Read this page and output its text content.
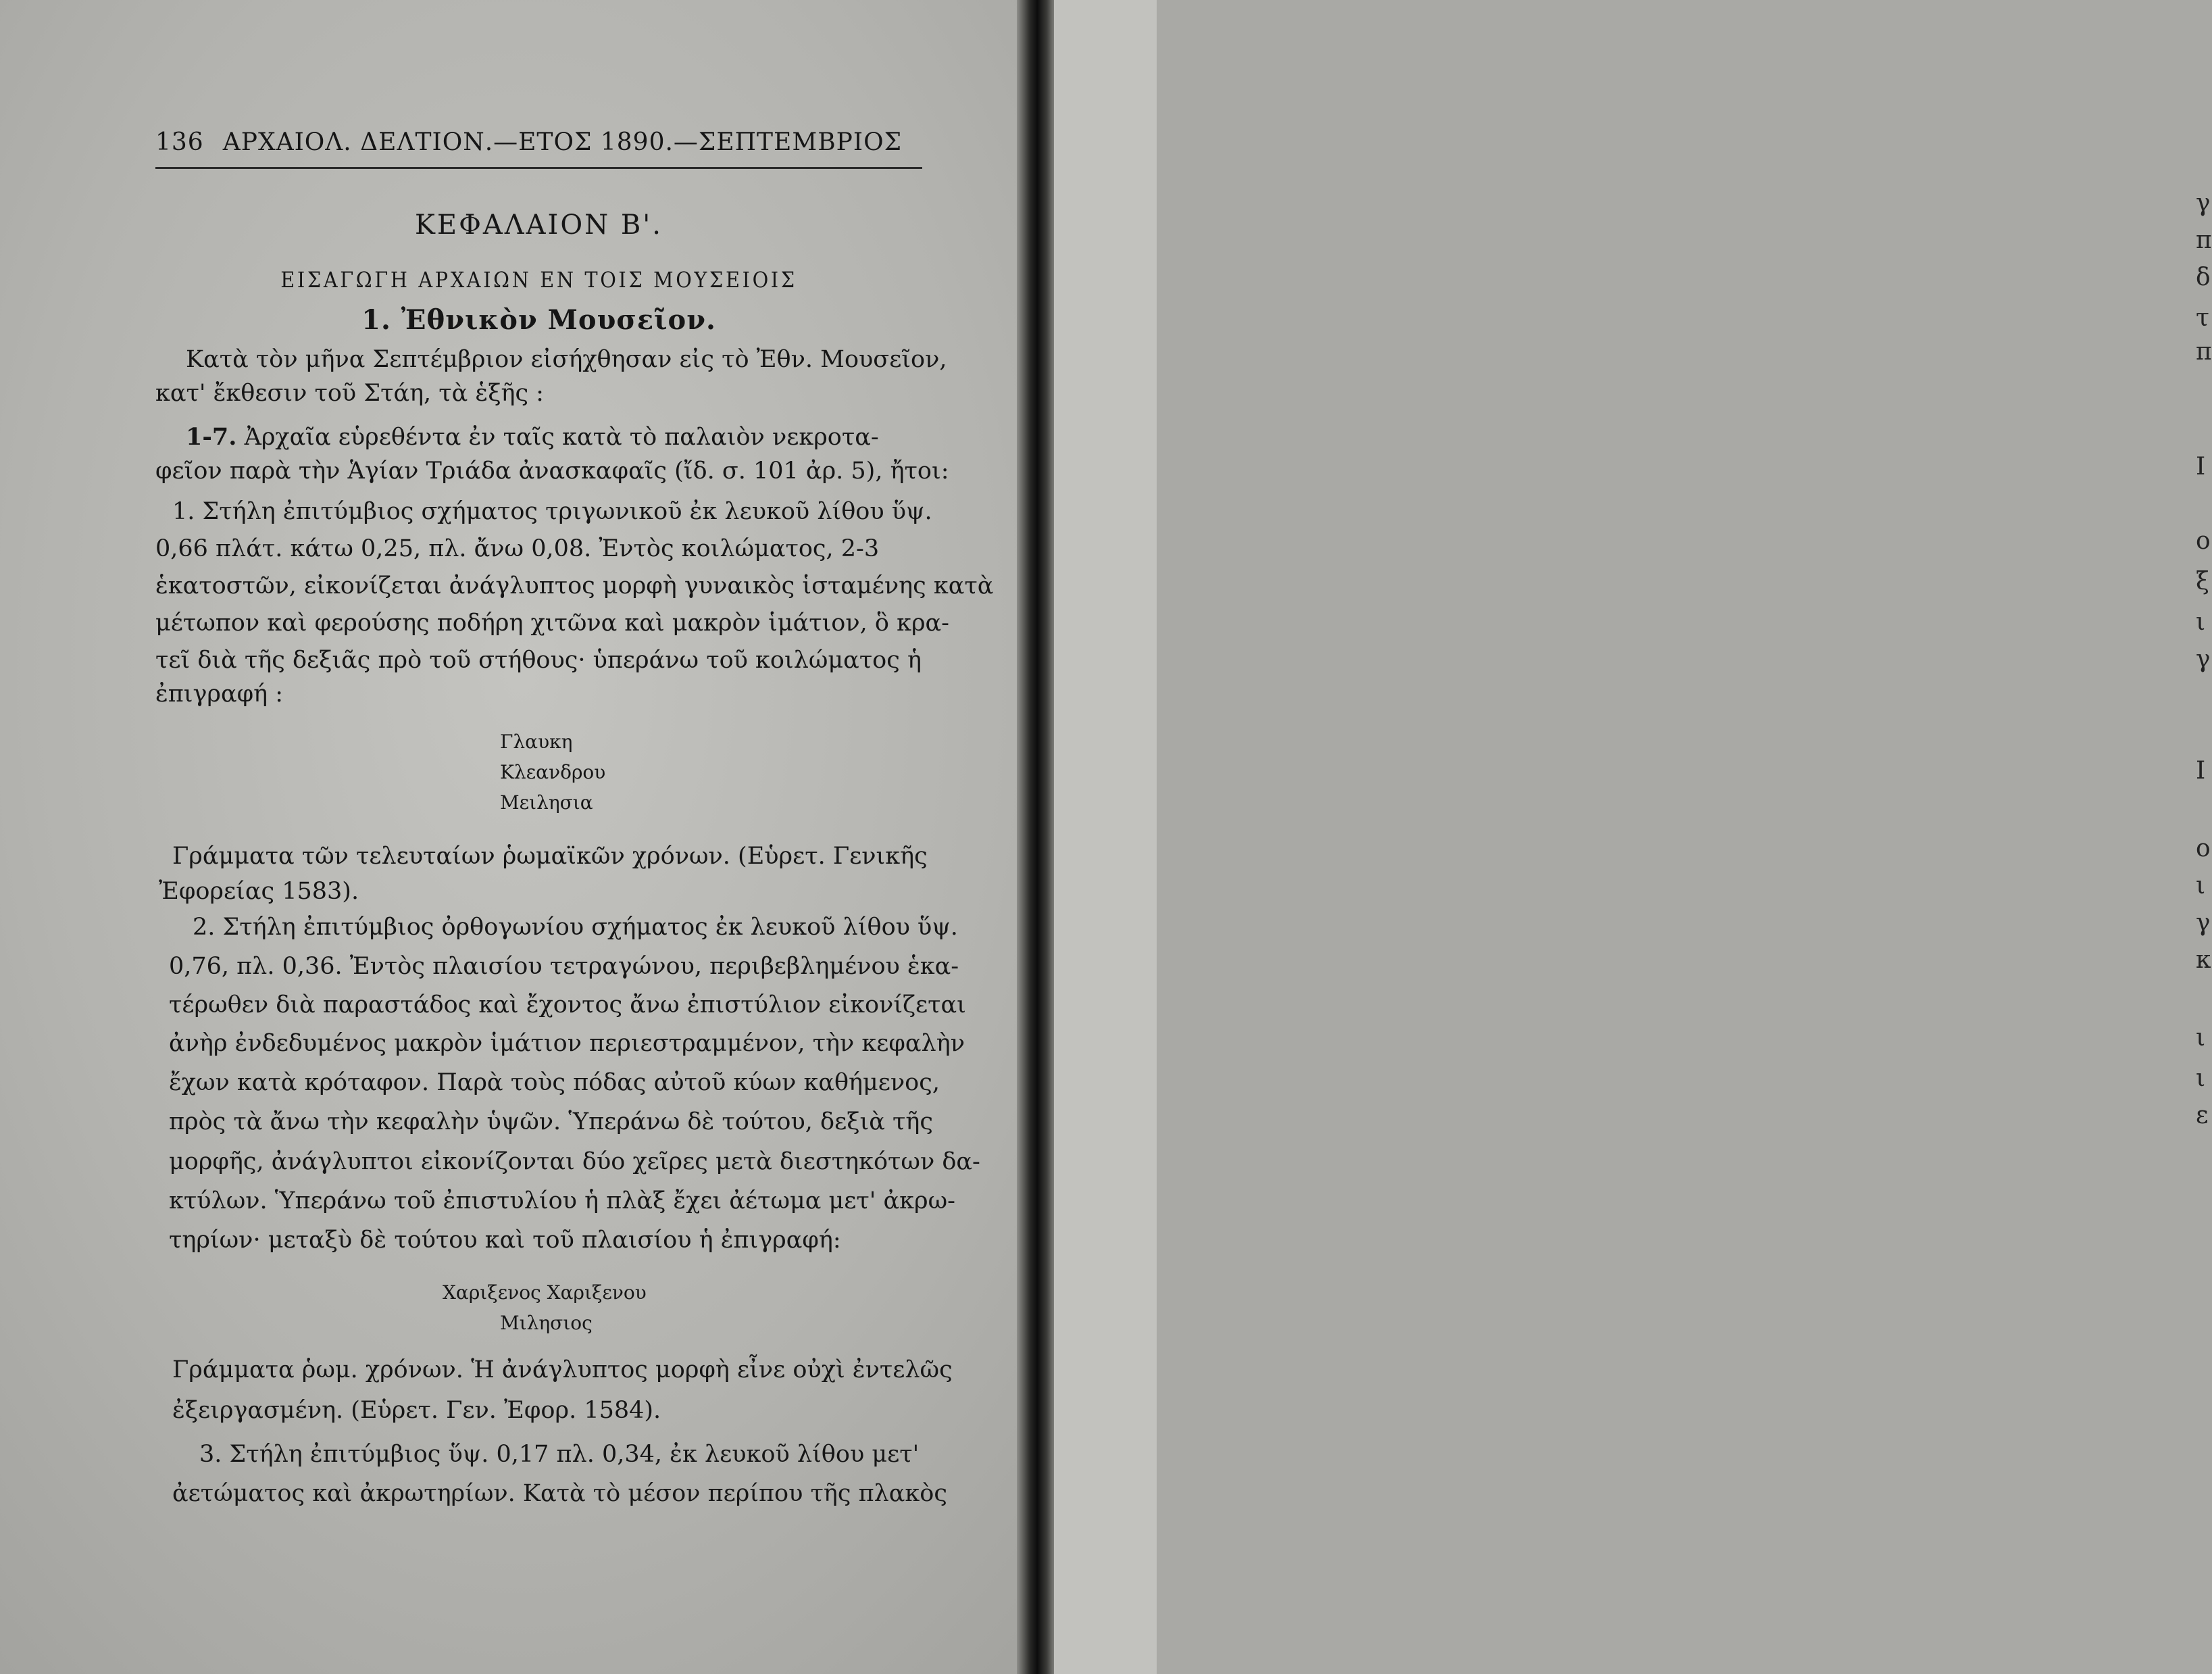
136 ΑΡΧΑΙΟΛ. ΔΕΛΤΙΟΝ.—ΕΤΟΣ 1890.—ΣΕΠΤΕΜΒΡΙΟΣ
ΚΕΦΑΛΑΙΟΝ Β'.
ΕΙΣΑΓΩΓΗ ΑΡΧΑΙΩΝ ΕΝ ΤΟΙΣ ΜΟΥΣΕΙΟΙΣ
1. Ἐθνικὸν Μουσεῖον.
Κατὰ τὸν μῆνα Σεπτέμβριον εἰσήχθησαν εἰς τὸ Ἐθν. Μουσεῖον,
κατ' ἔκθεσιν τοῦ Στάη, τὰ ἑξῆς :
1-7. Ἀρχαῖα εὑρεθέντα ἐν ταῖς κατὰ τὸ παλαιὸν νεκροτα-
φεῖον παρὰ τὴν Ἁγίαν Τριάδα ἀνασκαφαῖς (ἴδ. σ. 101 ἀρ. 5), ἤτοι:
1. Στήλη ἐπιτύμβιος σχήματος τριγωνικοῦ ἐκ λευκοῦ λίθου ὕψ.
0,66 πλάτ. κάτω 0,25, πλ. ἄνω 0,08. Ἐντὸς κοιλώματος, 2-3
ἑκατοστῶν, εἰκονίζεται ἀνάγλυπτος μορφὴ γυναικὸς ἱσταμένης κατὰ
μέτωπον καὶ φερούσης ποδήρη χιτῶνα καὶ μακρὸν ἱμάτιον, ὃ κρα-
τεῖ διὰ τῆς δεξιᾶς πρὸ τοῦ στήθους· ὑπεράνω τοῦ κοιλώματος ἡ
ἐπιγραφή :
Γλαυκη
Κλεανδρου
Μειλησια
Γράμματα τῶν τελευταίων ῥωμαϊκῶν χρόνων. (Εὑρετ. Γενικῆς
Ἐφορείας 1583).
2. Στήλη ἐπιτύμβιος ὀρθογωνίου σχήματος ἐκ λευκοῦ λίθου ὕψ.
0,76, πλ. 0,36. Ἐντὸς πλαισίου τετραγώνου, περιβεβλημένου ἑκα-
τέρωθεν διὰ παραστάδος καὶ ἔχοντος ἄνω ἐπιστύλιον εἰκονίζεται
ἀνὴρ ἐνδεδυμένος μακρὸν ἱμάτιον περιεστραμμένον, τὴν κεφαλὴν
ἔχων κατὰ κρόταφον. Παρὰ τοὺς πόδας αὐτοῦ κύων καθήμενος,
πρὸς τὰ ἄνω τὴν κεφαλὴν ὑψῶν. Ὑπεράνω δὲ τούτου, δεξιὰ τῆς
μορφῆς, ἀνάγλυπτοι εἰκονίζονται δύο χεῖρες μετὰ διεστηκότων δα-
κτύλων. Ὑπεράνω τοῦ ἐπιστυλίου ἡ πλὰξ ἔχει ἀέτωμα μετ' ἀκρω-
τηρίων· μεταξὺ δὲ τούτου καὶ τοῦ πλαισίου ἡ ἐπιγραφή:
Χαριξενος Χαριξενου
Μιλησιος
Γράμματα ῥωμ. χρόνων. Ἡ ἀνάγλυπτος μορφὴ εἶνε οὐχὶ ἐντελῶς
ἐξειργασμένη. (Εὑρετ. Γεν. Ἐφορ. 1584).
3. Στήλη ἐπιτύμβιος ὕψ. 0,17 πλ. 0,34, ἐκ λευκοῦ λίθου μετ'
ἀετώματος καὶ ἀκρωτηρίων. Κατὰ τὸ μέσον περίπου τῆς πλακὸς
γ
π
δ
τ
π
Ι
ο
ξ
ι
γ
Ι
ο
ι
γ
κ
ι
ι
ε
